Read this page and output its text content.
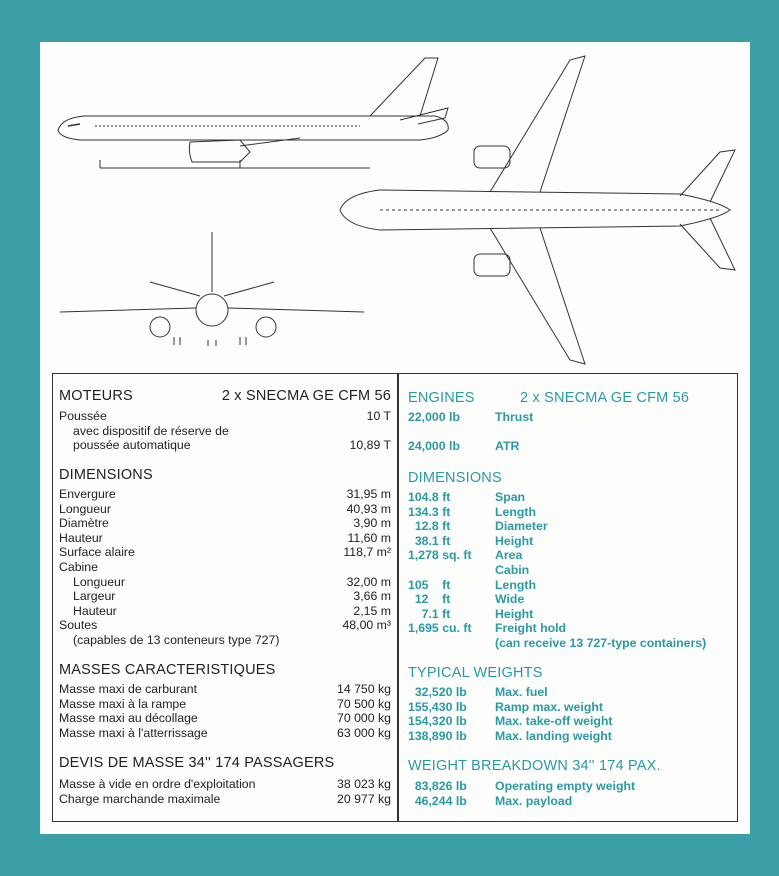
MOTEURS	2 x SNECMA GE CFM 56
Poussée	10 T
avec dispositif de réserve de
poussée automatique	10,89 T
DIMENSIONS
Envergure	31,95 m
Longueur	40,93 m
Diamètre	3,90 m
Hauteur	11,60 m
Surface alaire	118,7 m²
Cabine
Longueur	32,00 m
Largeur	3,66 m
Hauteur	2,15 m
Soutes	48,00 m³
(capables de 13 conteneurs type 727)
MASSES CARACTERISTIQUES
Masse maxi de carburant	14 750 kg
Masse maxi à la rampe	70 500 kg
Masse maxi au décollage	70 000 kg
Masse maxi à l'atterrissage	63 000 kg
DEVIS DE MASSE 34'' 174 PASSAGERS
Masse à vide en ordre d'exploitation	38 023 kg
Charge marchande maximale	20 977 kg
ENGINES	2 x SNECMA GE CFM 56
22,000 lb	Thrust
24,000 lb	ATR
DIMENSIONS
104.8 ft	Span
134.3 ft	Length
12.8 ft	Diameter
38.1 ft	Height
1,278 sq. ft	Area
Cabin
105    ft	Length
12    ft	Wide
7.1 ft	Height
1,695 cu. ft	Freight hold
(can receive 13 727-type containers)
TYPICAL WEIGHTS
32,520 lb	Max. fuel
155,430 lb	Ramp max. weight
154,320 lb	Max. take-off weight
138,890 lb	Max. landing weight
WEIGHT BREAKDOWN 34'' 174 PAX.
83,826 lb	Operating empty weight
46,244 lb	Max. payload
